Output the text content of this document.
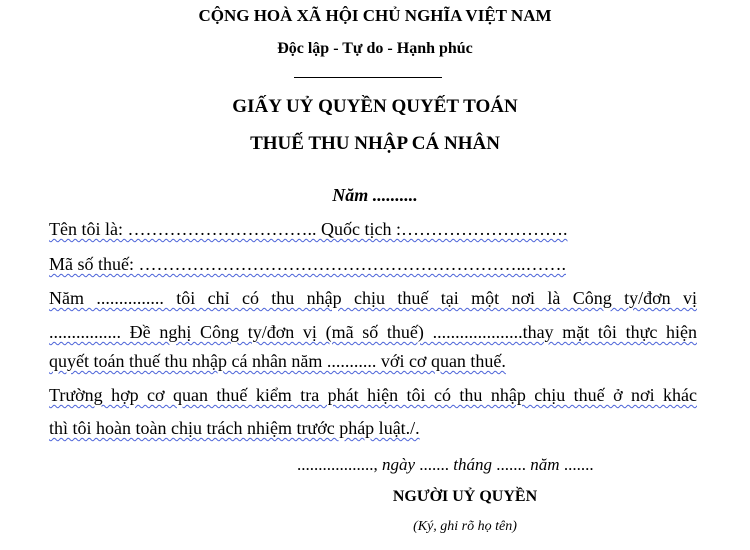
CỘNG HOÀ XÃ HỘI CHỦ NGHĨA VIỆT NAM
Độc lập - Tự do - Hạnh phúc
GIẤY UỶ QUYỀN QUYẾT TOÁN
THUẾ THU NHẬP CÁ NHÂN
Năm ..........
Tên tôi là: ………………………….. Quốc tịch :……………………….
Mã số thuế: ………………………………………………………..…….
Năm ............... tôi chỉ có thu nhập chịu thuế tại một nơi là Công ty/đơn vị
................ Đề nghị Công ty/đơn vị (mã số thuế) ....................thay mặt tôi thực hiện
quyết toán thuế thu nhập cá nhân năm ........... với cơ quan thuế.
Trường hợp cơ quan thuế kiểm tra phát hiện tôi có thu nhập chịu thuế ở nơi khác
thì tôi hoàn toàn chịu trách nhiệm trước pháp luật./.
.................., ngày ....... tháng ....... năm .......
NGƯỜI UỶ QUYỀN
(Ký, ghi rõ họ tên)
